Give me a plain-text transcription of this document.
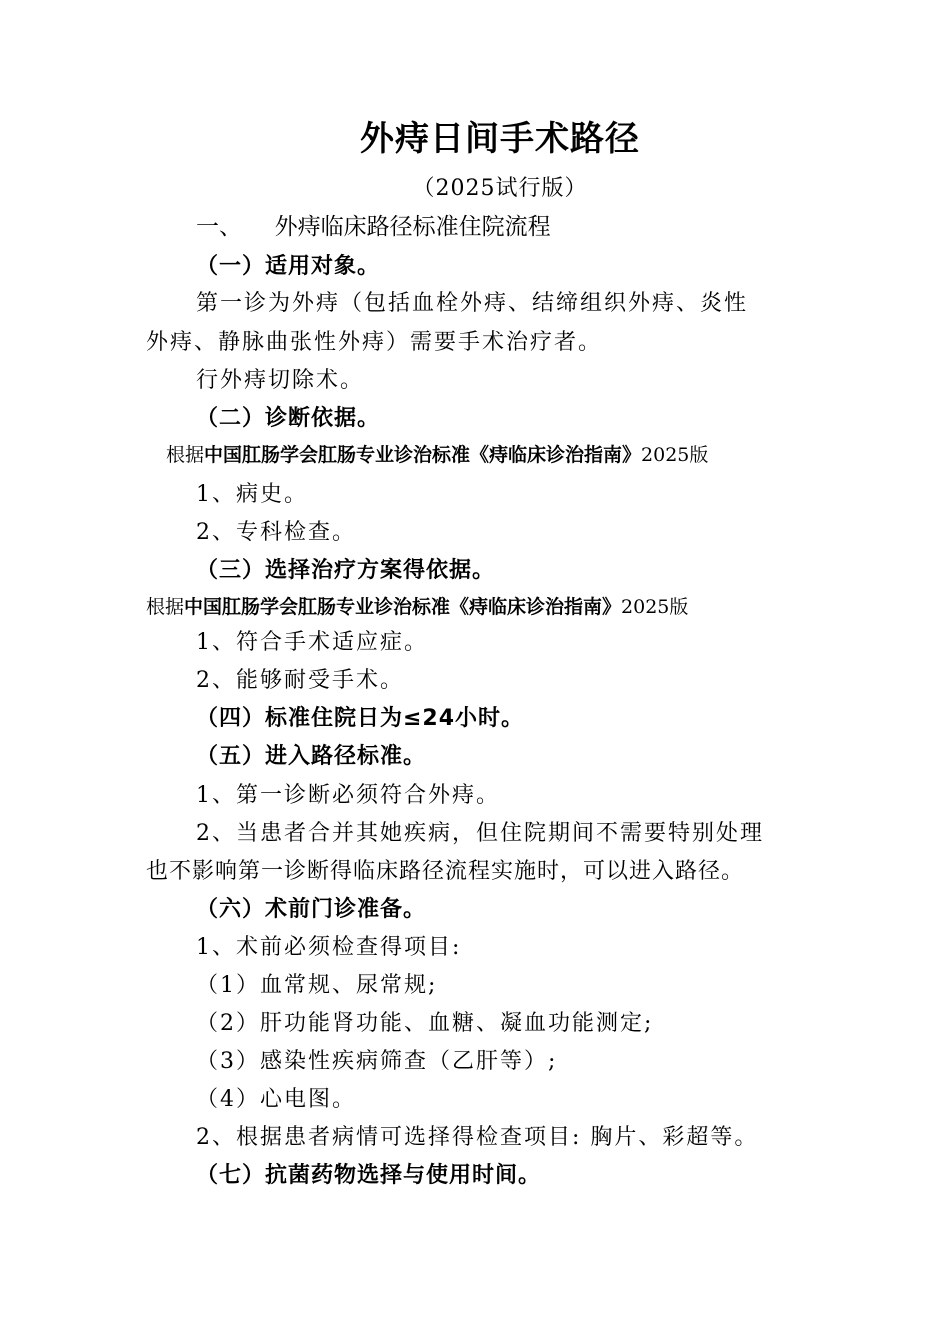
外痔日间手术路径
（2025试行版）
一、 外痔临床路径标准住院流程
（一）适用对象。
第一诊为外痔（包括血栓外痔、结缔组织外痔、炎性
外痔、静脉曲张性外痔）需要手术治疗者。
行外痔切除术。
（二）诊断依据。
根据中国肛肠学会肛肠专业诊治标准《痔临床诊治指南》2025版
1、病史。
2、专科检查。
（三）选择治疗方案得依据。
根据中国肛肠学会肛肠专业诊治标准《痔临床诊治指南》2025版
1、符合手术适应症。
2、能够耐受手术。
（四）标准住院日为≤24小时。
（五）进入路径标准。
1、第一诊断必须符合外痔。
2、当患者合并其她疾病，但住院期间不需要特别处理
也不影响第一诊断得临床路径流程实施时，可以进入路径。
（六）术前门诊准备。
1、术前必须检查得项目:
（1）血常规、尿常规;
（2）肝功能肾功能、血糖、凝血功能测定;
（3）感染性疾病筛查（乙肝等）;
（4）心电图。
2、根据患者病情可选择得检查项目: 胸片、彩超等。
（七）抗菌药物选择与使用时间。
